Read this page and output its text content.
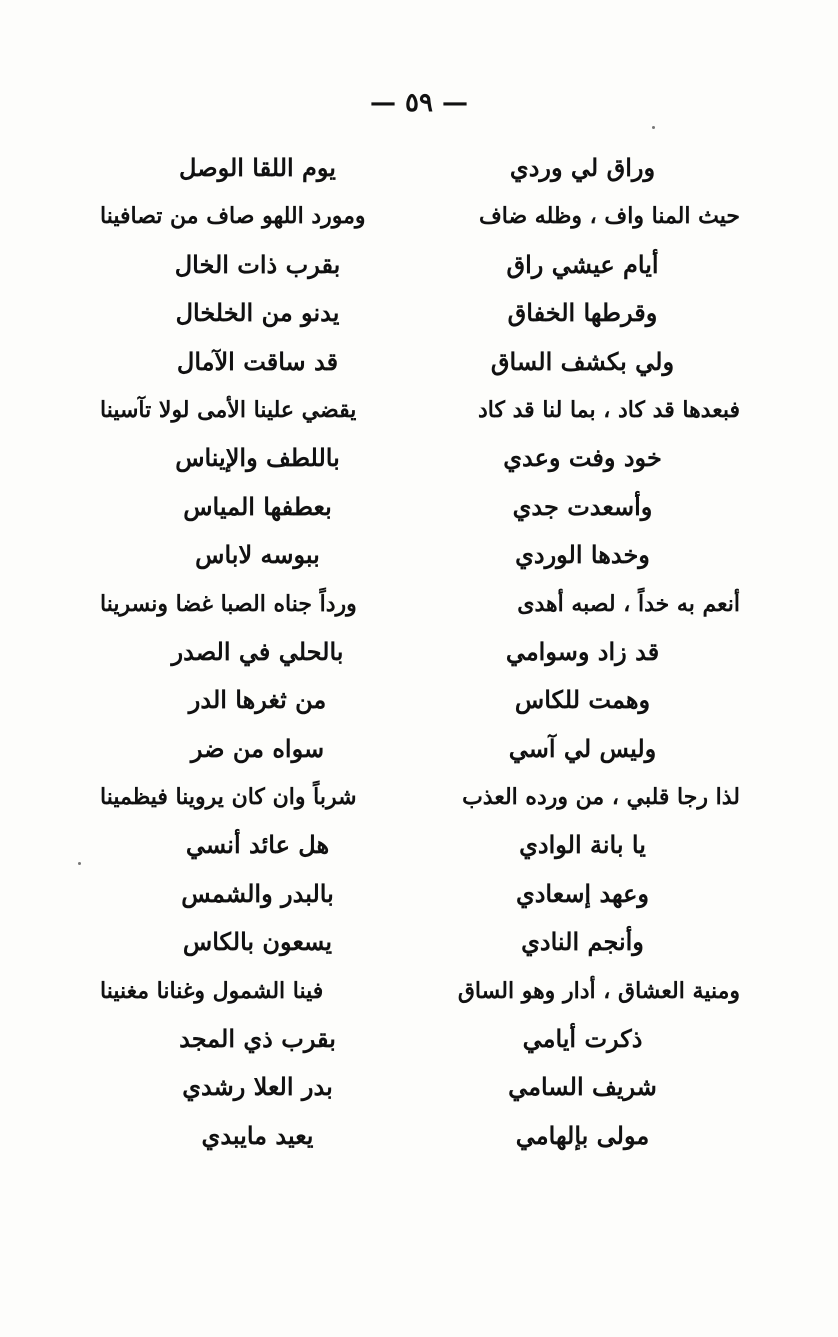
— ٥٩ —
وراق لي وردي
يوم اللقا الوصل
حيث المنا واف ، وظله ضاف
ومورد اللهو صاف من تصافينا
أيام عيشي راق
بقرب ذات الخال
وقرطها الخفاق
يدنو من الخلخال
ولي بكشف الساق
قد ساقت الآمال
فبعدها قد كاد ، بما لنا قد كاد
يقضي علينا الأمى لولا تآسينا
خود وفت وعدي
باللطف والإيناس
وأسعدت جدي
بعطفها المياس
وخدها الوردي
ببوسه لاباس
أنعم به خداً ، لصبه أهدى
ورداً جناه الصبا غضا ونسرينا
قد زاد وسوامي
بالحلي في الصدر
وهمت للكاس
من ثغرها الدر
وليس لي آسي
سواه من ضر
لذا رجا قلبي ، من ورده العذب
شرباً وان كان يروينا فيظمينا
يا بانة الوادي
هل عائد أنسي
وعهد إسعادي
بالبدر والشمس
وأنجم النادي
يسعون بالكاس
ومنية العشاق ، أدار وهو الساق
فينا الشمول وغنانا مغنينا
ذكرت أيامي
بقرب ذي المجد
شريف السامي
بدر العلا رشدي
مولى بإلهامي
يعيد مايبدي
